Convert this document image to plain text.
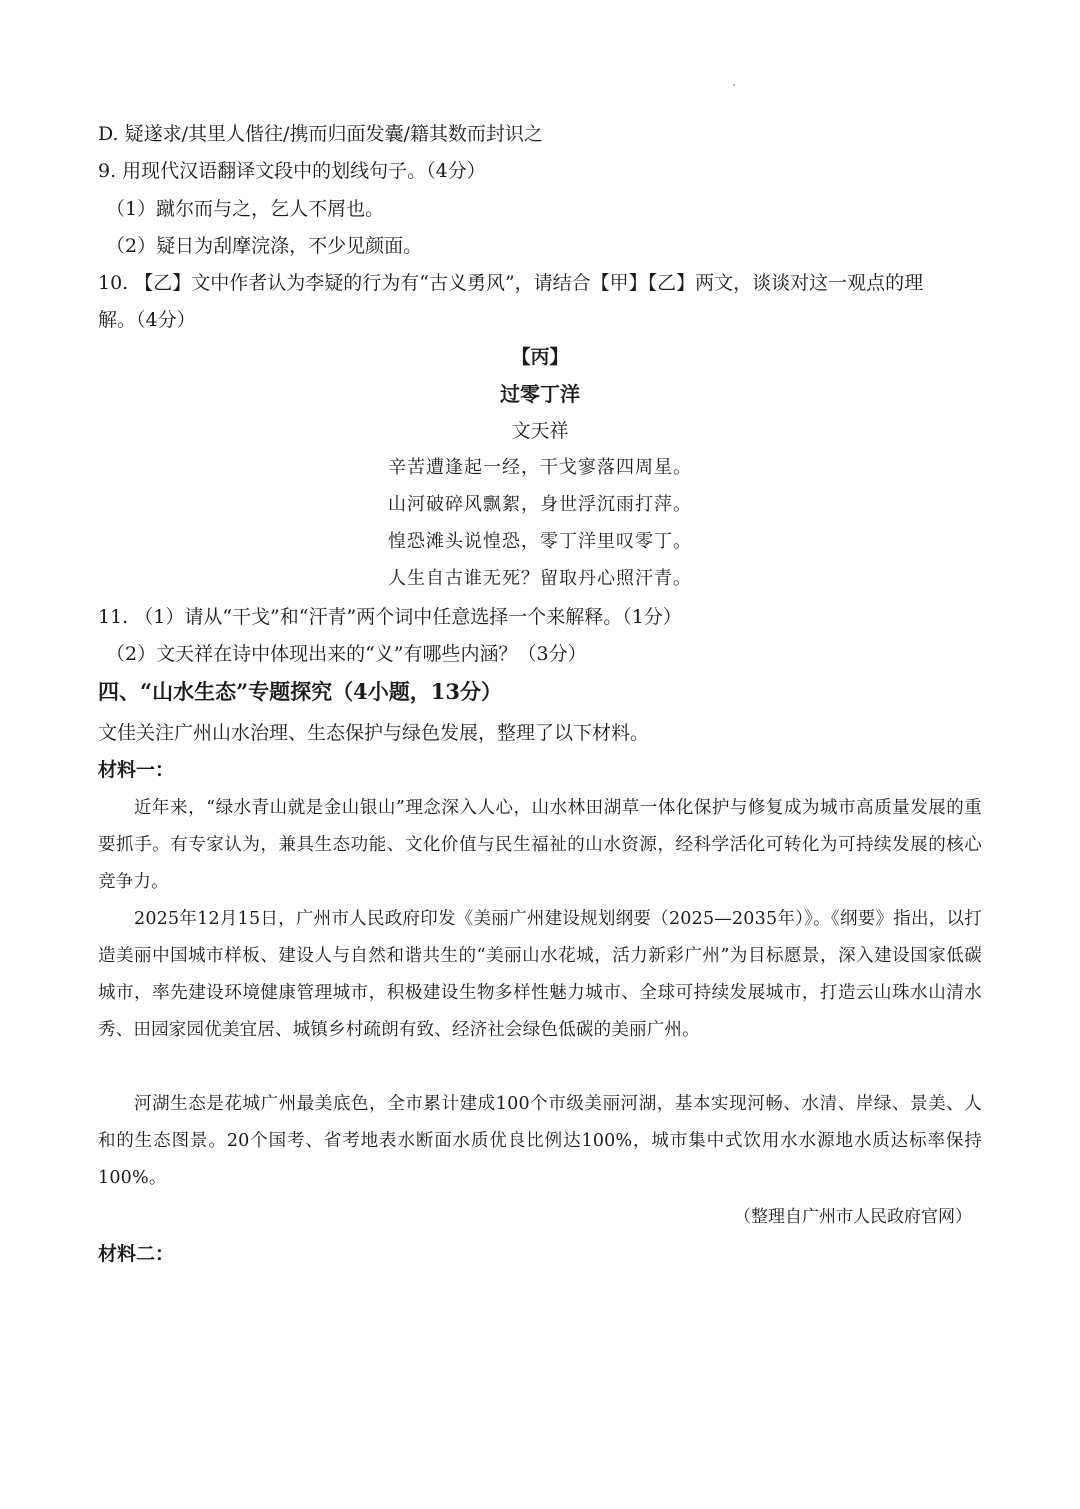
D. 疑遂求/其里人偕往/携而归面发囊/籍其数而封识之
9. 用现代汉语翻译文段中的划线句子。（4分）
（1）蹴尔而与之，乞人不屑也。
（2）疑日为刮摩浣涤，不少见颜面。
10. 【乙】文中作者认为李疑的行为有“古义勇风”，请结合【甲】【乙】两文，谈谈对这一观点的理
解。（4分）
【丙】
过零丁洋
文天祥
辛苦遭逢起一经，干戈寥落四周星。
山河破碎风飘絮，身世浮沉雨打萍。
惶恐滩头说惶恐，零丁洋里叹零丁。
人生自古谁无死？留取丹心照汗青。
11. （1）请从“干戈”和“汗青”两个词中任意选择一个来解释。（1分）
（2）文天祥在诗中体现出来的“义”有哪些内涵？（3分）
四、“山水生态”专题探究（4小题，13分）
文佳关注广州山水治理、生态保护与绿色发展，整理了以下材料。
材料一：
近年来，“绿水青山就是金山银山”理念深入人心，山水林田湖草一体化保护与修复成为城市高质量发展的重要抓手。有专家认为，兼具生态功能、文化价值与民生福祉的山水资源，经科学活化可转化为可持续发展的核心竞争力。
2025年12月15日，广州市人民政府印发《美丽广州建设规划纲要（2025—2035年）》。《纲要》指出，以打造美丽中国城市样板、建设人与自然和谐共生的“美丽山水花城，活力新彩广州”为目标愿景，深入建设国家低碳城市，率先建设环境健康管理城市，积极建设生物多样性魅力城市、全球可持续发展城市，打造云山珠水山清水秀、田园家园优美宜居、城镇乡村疏朗有致、经济社会绿色低碳的美丽广州。
河湖生态是花城广州最美底色，全市累计建成100个市级美丽河湖，基本实现河畅、水清、岸绿、景美、人和的生态图景。20个国考、省考地表水断面水质优良比例达100%，城市集中式饮用水水源地水质达标率保持100%。
（整理自广州市人民政府官网）
材料二：
